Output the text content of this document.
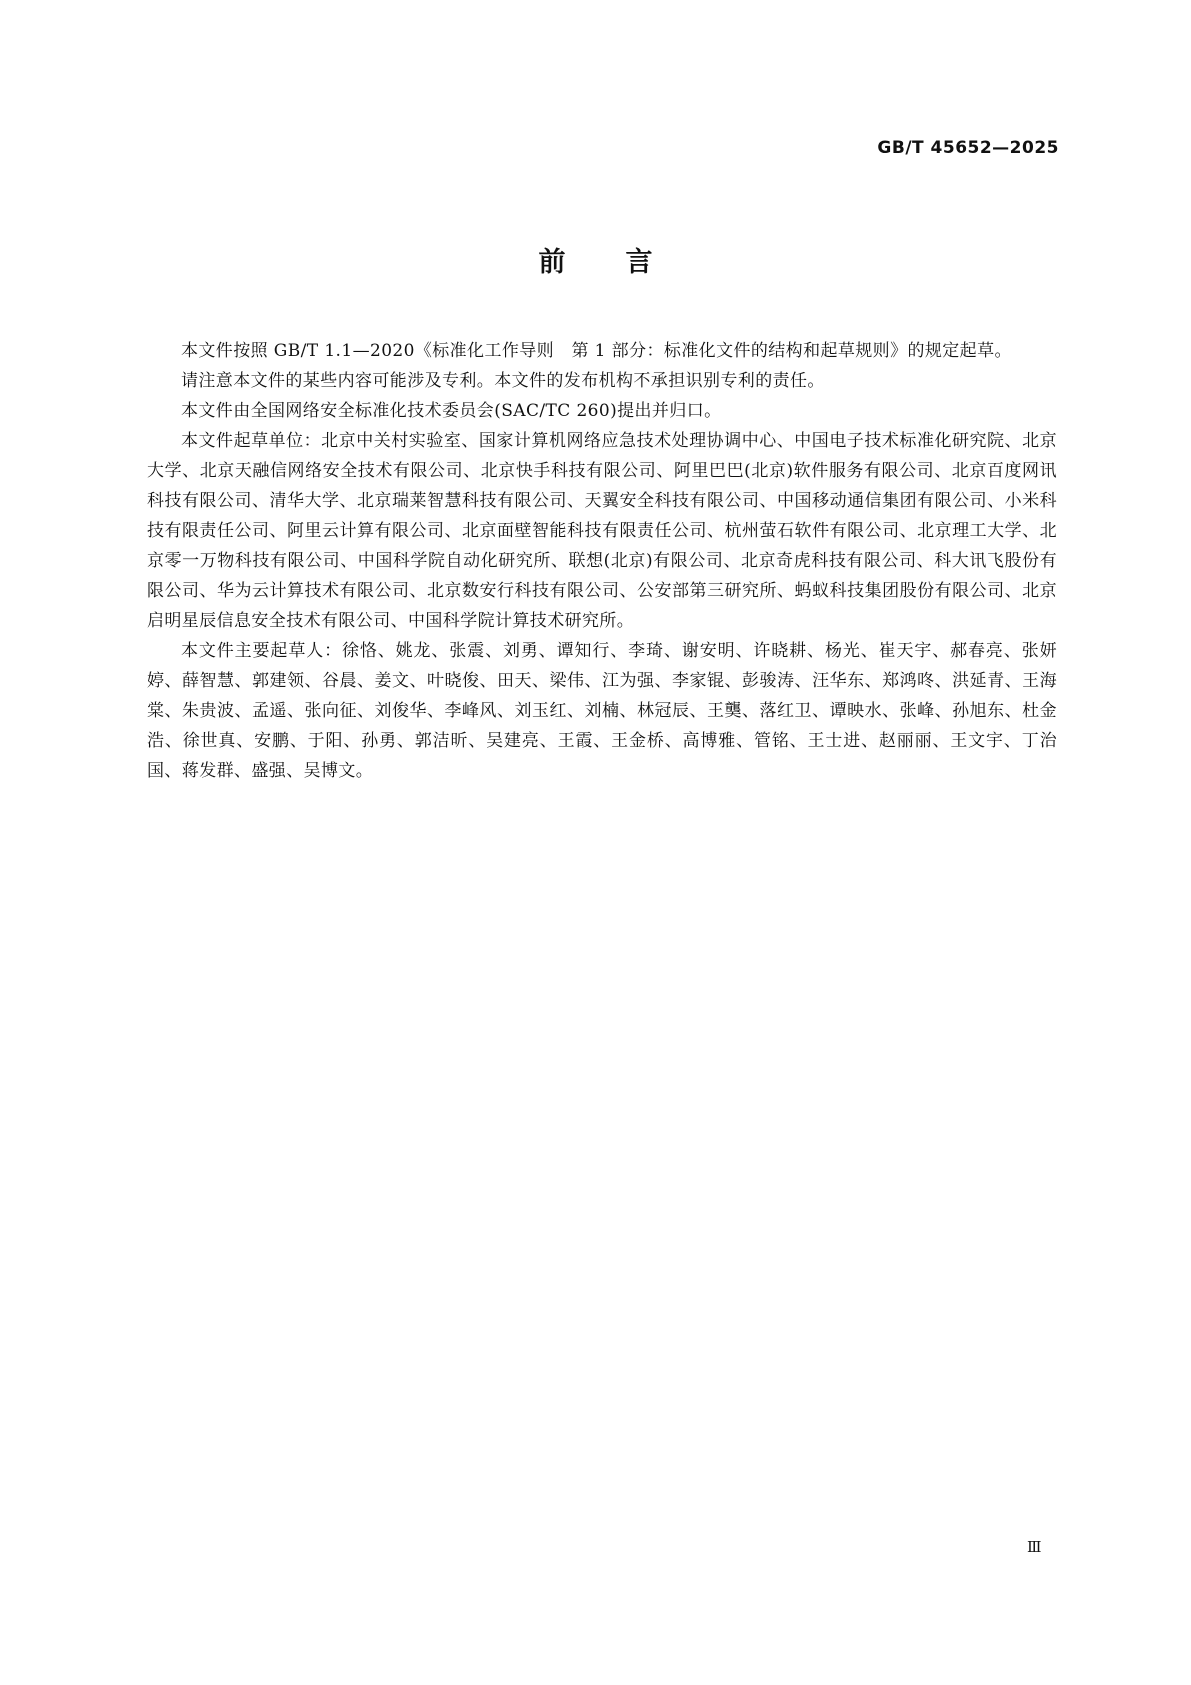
GB/T 45652—2025
前言

本文件按照 GB/T 1.1—2020《标准化工作导则　第 1 部分：标准化文件的结构和起草规则》的规定起草。

请注意本文件的某些内容可能涉及专利。本文件的发布机构不承担识别专利的责任。

本文件由全国网络安全标准化技术委员会(SAC/TC 260)提出并归口。

本文件起草单位：北京中关村实验室、国家计算机网络应急技术处理协调中心、中国电子技术标准化研究院、北京大学、北京天融信网络安全技术有限公司、北京快手科技有限公司、阿里巴巴(北京)软件服务有限公司、北京百度网讯科技有限公司、清华大学、北京瑞莱智慧科技有限公司、天翼安全科技有限公司、中国移动通信集团有限公司、小米科技有限责任公司、阿里云计算有限公司、北京面壁智能科技有限责任公司、杭州萤石软件有限公司、北京理工大学、北京零一万物科技有限公司、中国科学院自动化研究所、联想(北京)有限公司、北京奇虎科技有限公司、科大讯飞股份有限公司、华为云计算技术有限公司、北京数安行科技有限公司、公安部第三研究所、蚂蚁科技集团股份有限公司、北京启明星辰信息安全技术有限公司、中国科学院计算技术研究所。

本文件主要起草人：徐恪、姚龙、张震、刘勇、谭知行、李琦、谢安明、许晓耕、杨光、崔天宇、郝春亮、张妍婷、薛智慧、郭建领、谷晨、姜文、叶晓俊、田天、梁伟、江为强、李家锟、彭骏涛、汪华东、郑鸿咚、洪延青、王海棠、朱贵波、孟遥、张向征、刘俊华、李峰风、刘玉红、刘楠、林冠辰、王龑、落红卫、谭映水、张峰、孙旭东、杜金浩、徐世真、安鹏、于阳、孙勇、郭洁昕、吴建亮、王霞、王金桥、高博雅、管铭、王士进、赵丽丽、王文宇、丁治国、蒋发群、盛强、吴博文。

Ⅲ
